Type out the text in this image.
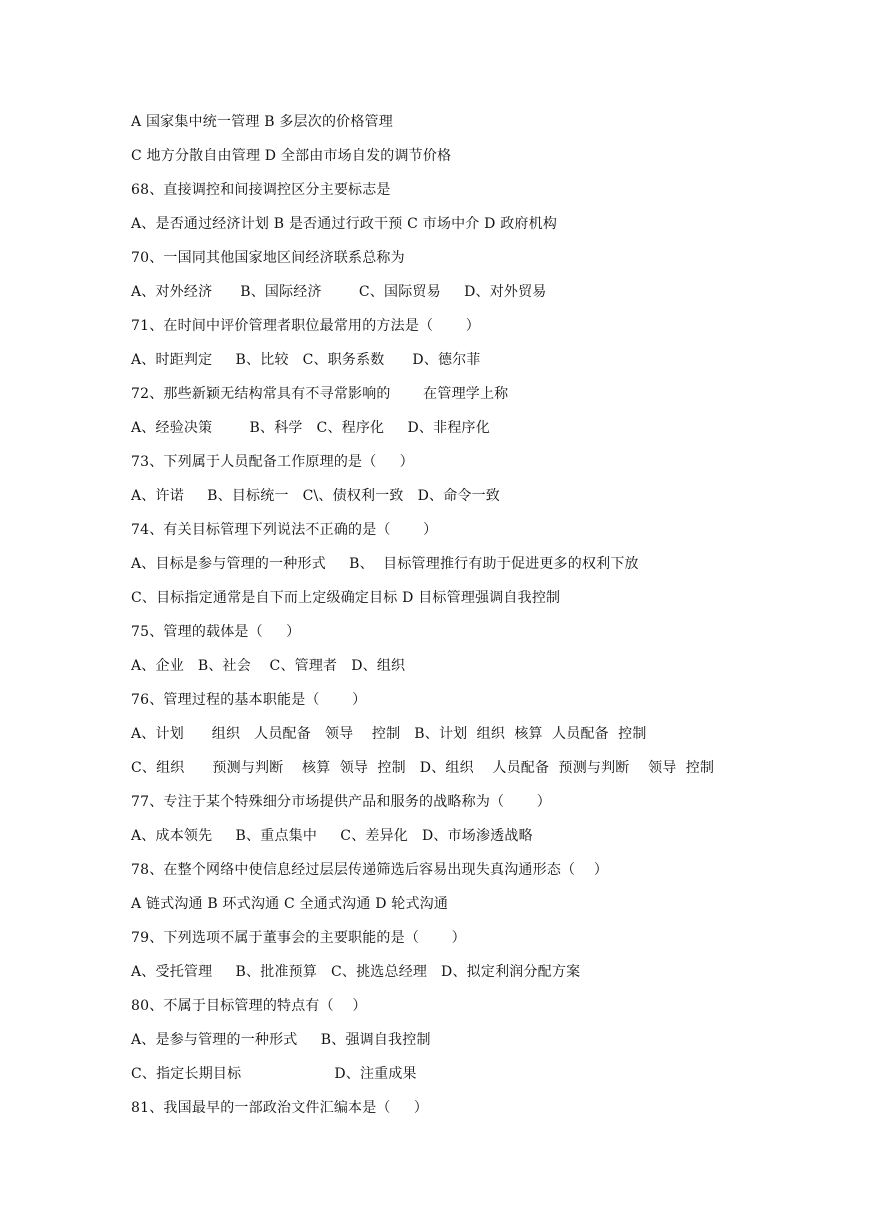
A 国家集中统一管理 B 多层次的价格管理
C 地方分散自由管理 D 全部由市场自发的调节价格
68、直接调控和间接调控区分主要标志是
A、是否通过经济计划 B 是否通过行政干预 C 市场中介 D 政府机构
70、一国同其他国家地区间经济联系总称为
A、对外经济      B、国际经济        C、国际贸易     D、对外贸易
71、在时间中评价管理者职位最常用的方法是（       ）
A、时距判定     B、比较   C、职务系数      D、德尔菲
72、那些新颖无结构常具有不寻常影响的       在管理学上称
A、经验决策        B、科学   C、程序化     D、非程序化
73、下列属于人员配备工作原理的是（     ）
A、许诺     B、目标统一   C\、债权利一致   D、命令一致
74、有关目标管理下列说法不正确的是（       ）
A、目标是参与管理的一种形式     B、  目标管理推行有助于促进更多的权利下放
C、目标指定通常是自下而上定级确定目标 D 目标管理强调自我控制
75、管理的载体是（     ）
A、企业   B、社会    C、管理者   D、组织
76、管理过程的基本职能是（       ）
A、计划      组织   人员配备   领导    控制   B、计划  组织  核算  人员配备  控制
C、组织      预测与判断    核算  领导  控制   D、组织    人员配备  预测与判断    领导  控制
77、专注于某个特殊细分市场提供产品和服务的战略称为（       ）
A、成本领先     B、重点集中     C、差异化   D、市场渗透战略
78、在整个网络中使信息经过层层传递筛选后容易出现失真沟通形态（    ）
A 链式沟通 B 环式沟通 C 全通式沟通 D 轮式沟通
79、下列选项不属于董事会的主要职能的是（       ）
A、受托管理     B、批准预算   C、挑选总经理   D、拟定利润分配方案
80、不属于目标管理的特点有（    ）
A、是参与管理的一种形式     B、强调自我控制
C、指定长期目标                    D、注重成果
81、我国最早的一部政治文件汇编本是（     ）
